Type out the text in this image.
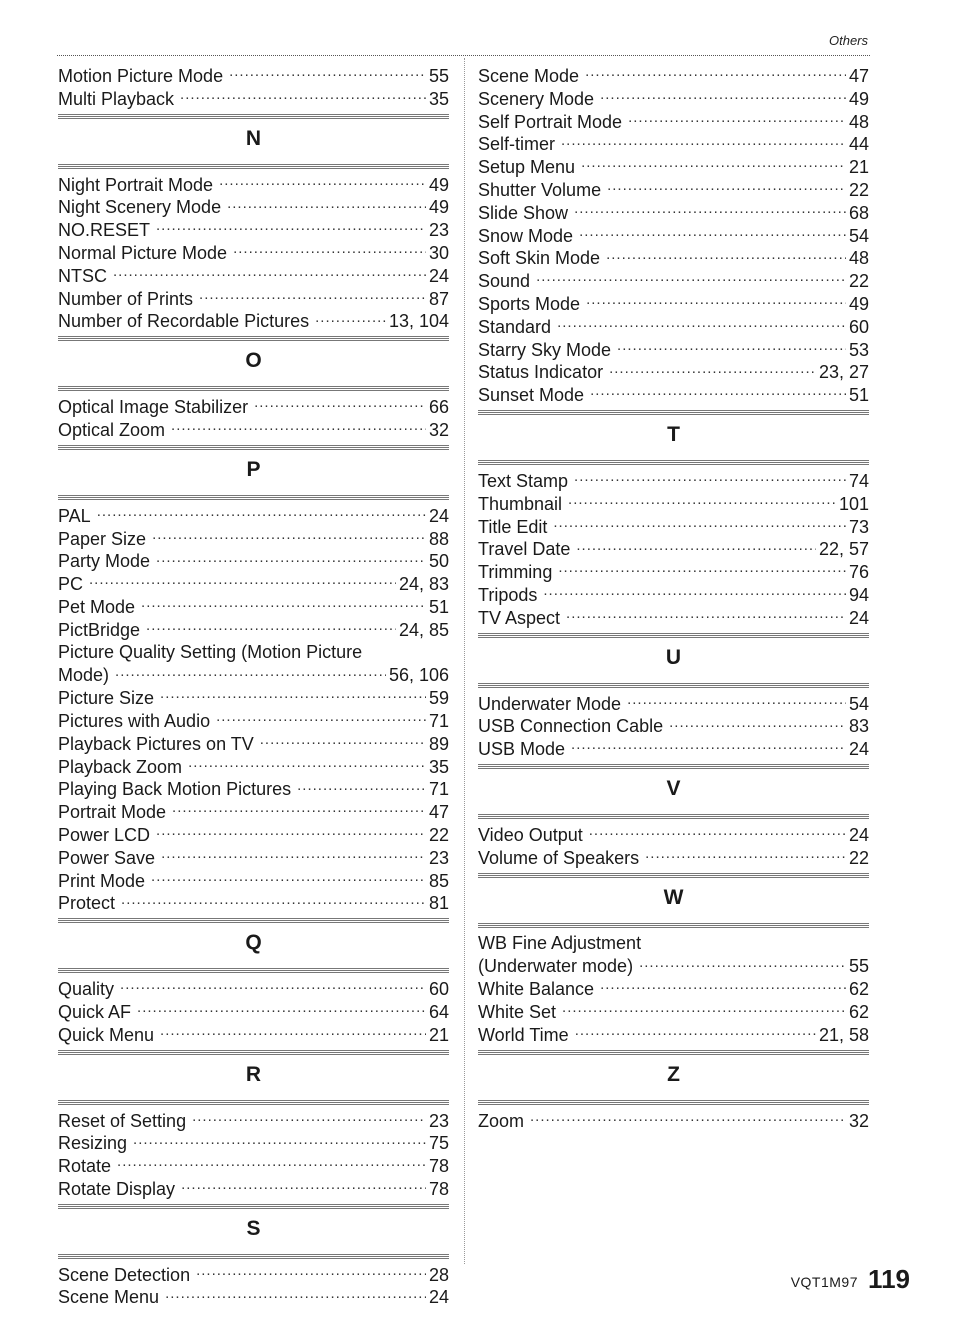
Others
Motion Picture Mode .....	55
Multi Playback .....	35
N
Night Portrait Mode .....	49
Night Scenery Mode .....	49
NO.RESET .....	23
Normal Picture Mode .....	30
NTSC .....	24
Number of Prints .....	87
Number of Recordable Pictures .....	13, 104
O
Optical Image Stabilizer .....	66
Optical Zoom .....	32
P
PAL .....	24
Paper Size .....	88
Party Mode .....	50
PC .....	24, 83
Pet Mode .....	51
PictBridge .....	24, 85
Picture Quality Setting (Motion Picture
Mode) .....	56, 106
Picture Size .....	59
Pictures with Audio .....	71
Playback Pictures on TV .....	89
Playback Zoom .....	35
Playing Back Motion Pictures .....	71
Portrait Mode .....	47
Power LCD .....	22
Power Save .....	23
Print Mode .....	85
Protect .....	81
Q
Quality .....	60
Quick AF .....	64
Quick Menu .....	21
R
Reset of Setting .....	23
Resizing .....	75
Rotate .....	78
Rotate Display .....	78
S
Scene Detection .....	28
Scene Menu .....	24
Scene Mode .....	47
Scenery Mode .....	49
Self Portrait Mode .....	48
Self-timer .....	44
Setup Menu .....	21
Shutter Volume .....	22
Slide Show .....	68
Snow Mode .....	54
Soft Skin Mode .....	48
Sound .....	22
Sports Mode .....	49
Standard .....	60
Starry Sky Mode .....	53
Status Indicator .....	23, 27
Sunset Mode .....	51
T
Text Stamp .....	74
Thumbnail .....	101
Title Edit .....	73
Travel Date .....	22, 57
Trimming .....	76
Tripods .....	94
TV Aspect .....	24
U
Underwater Mode .....	54
USB Connection Cable .....	83
USB Mode .....	24
V
Video Output .....	24
Volume of Speakers .....	22
W
WB Fine Adjustment
(Underwater mode) .....	55
White Balance .....	62
White Set .....	62
World Time .....	21, 58
Z
Zoom .....	32
VQT1M97 119
